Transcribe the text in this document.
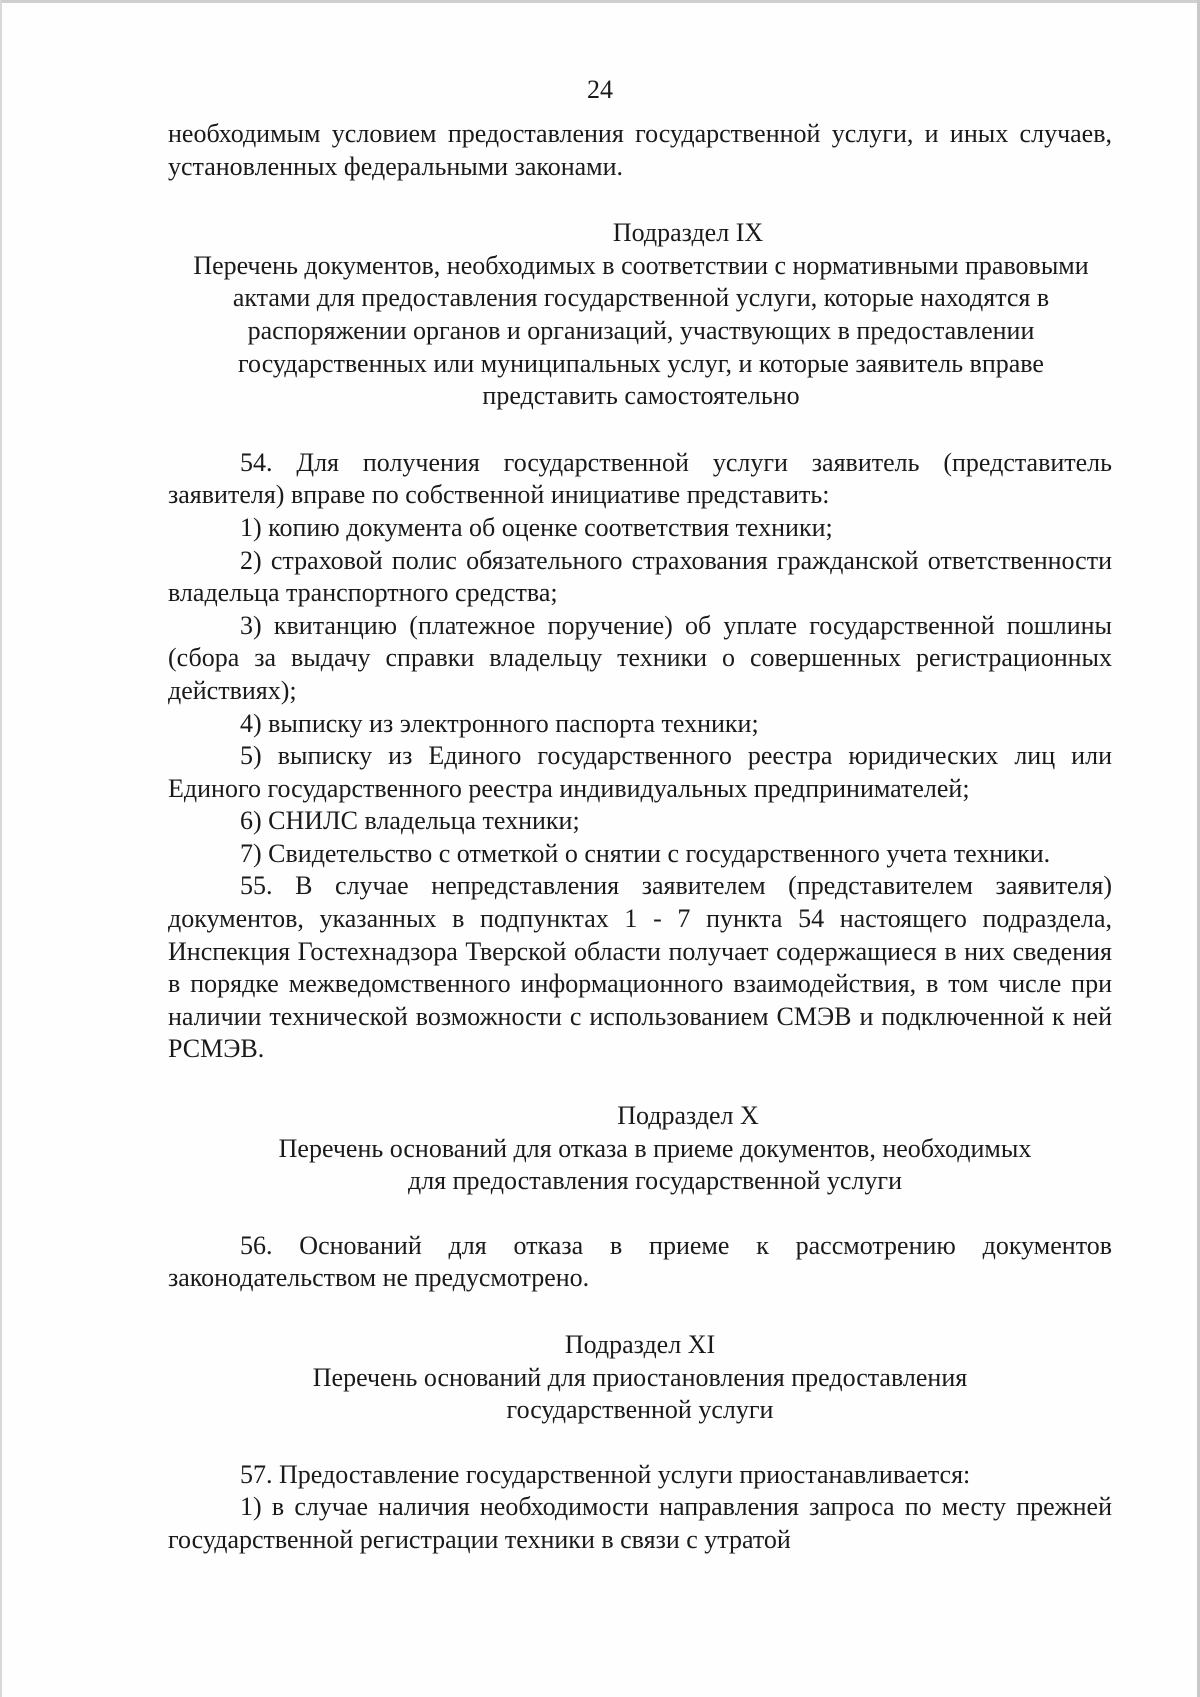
24

необходимым условием предоставления государственной услуги, и иных случаев, установленных федеральными законами.

Подраздел IX

Перечень документов, необходимых в соответствии с нормативными правовыми актами для предоставления государственной услуги, которые находятся в распоряжении органов и организаций, участвующих в предоставлении государственных или муниципальных услуг, и которые заявитель вправе представить самостоятельно

54. Для получения государственной услуги заявитель (представитель заявителя) вправе по собственной инициативе представить:

1) копию документа об оценке соответствия техники;

2) страховой полис обязательного страхования гражданской ответственности владельца транспортного средства;

3) квитанцию (платежное поручение) об уплате государственной пошлины (сбора за выдачу справки владельцу техники о совершенных регистрационных действиях);

4) выписку из электронного паспорта техники;

5) выписку из Единого государственного реестра юридических лиц или Единого государственного реестра индивидуальных предпринимателей;

6) СНИЛС владельца техники;

7) Свидетельство с отметкой о снятии с государственного учета техники.

55. В случае непредставления заявителем (представителем заявителя) документов, указанных в подпунктах 1 - 7 пункта 54 настоящего подраздела, Инспекция Гостехнадзора Тверской области получает содержащиеся в них сведения в порядке межведомственного информационного взаимодействия, в том числе при наличии технической возможности с использованием СМЭВ и подключенной к ней РСМЭВ.

Подраздел X

Перечень оснований для отказа в приеме документов, необходимых для предоставления государственной услуги

56. Оснований для отказа в приеме к рассмотрению документов законодательством не предусмотрено.

Подраздел XI

Перечень оснований для приостановления предоставления государственной услуги

57. Предоставление государственной услуги приостанавливается:

1) в случае наличия необходимости направления запроса по месту прежней государственной регистрации техники в связи с утратой
